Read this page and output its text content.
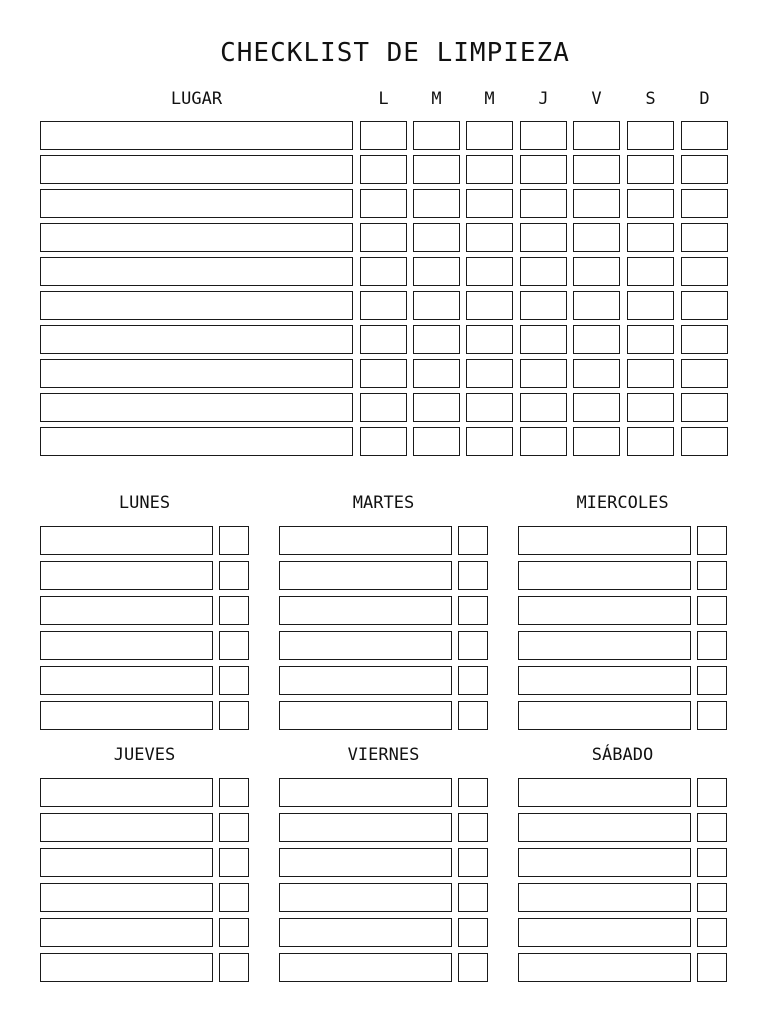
CHECKLIST DE LIMPIEZA
LUGAR	L	M	M	J	V	S	D
LUNES	MARTES	MIERCOLES
JUEVES	VIERNES	SÁBADO
